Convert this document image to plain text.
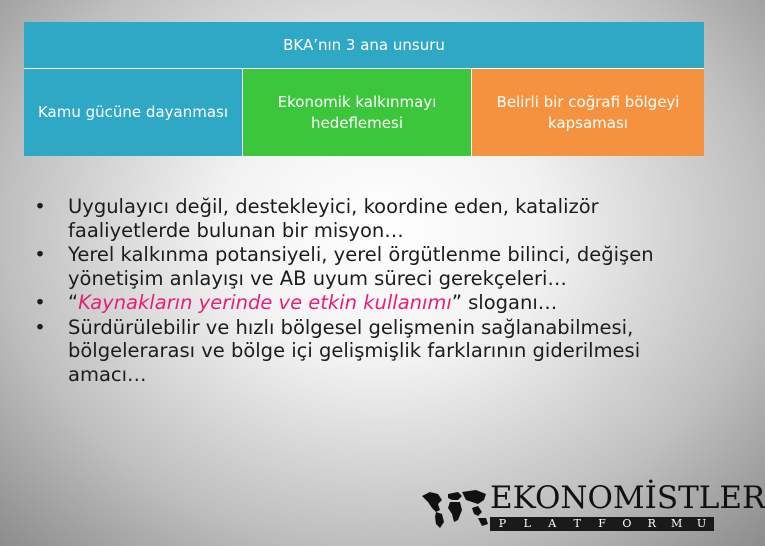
BKA’nın 3 ana unsuru
Kamu gücüne dayanması
Ekonomik kalkınmayı hedeflemesi
Belirli bir coğrafi bölgeyi kapsaması
• Uygulayıcı değil, destekleyici, koordine eden, katalizör faaliyetlerde bulunan bir misyon…
• Yerel kalkınma potansiyeli, yerel örgütlenme bilinci, değişen yönetişim anlayışı ve AB uyum süreci gerekçeleri…
• “Kaynakların yerinde ve etkin kullanımı” sloganı…
• Sürdürülebilir ve hızlı bölgesel gelişmenin sağlanabilmesi, bölgelerarası ve bölge içi gelişmişlik farklarının giderilmesi amacı…
EKONOMİSTLER
P	L	A	T	F	O	R	M	U
